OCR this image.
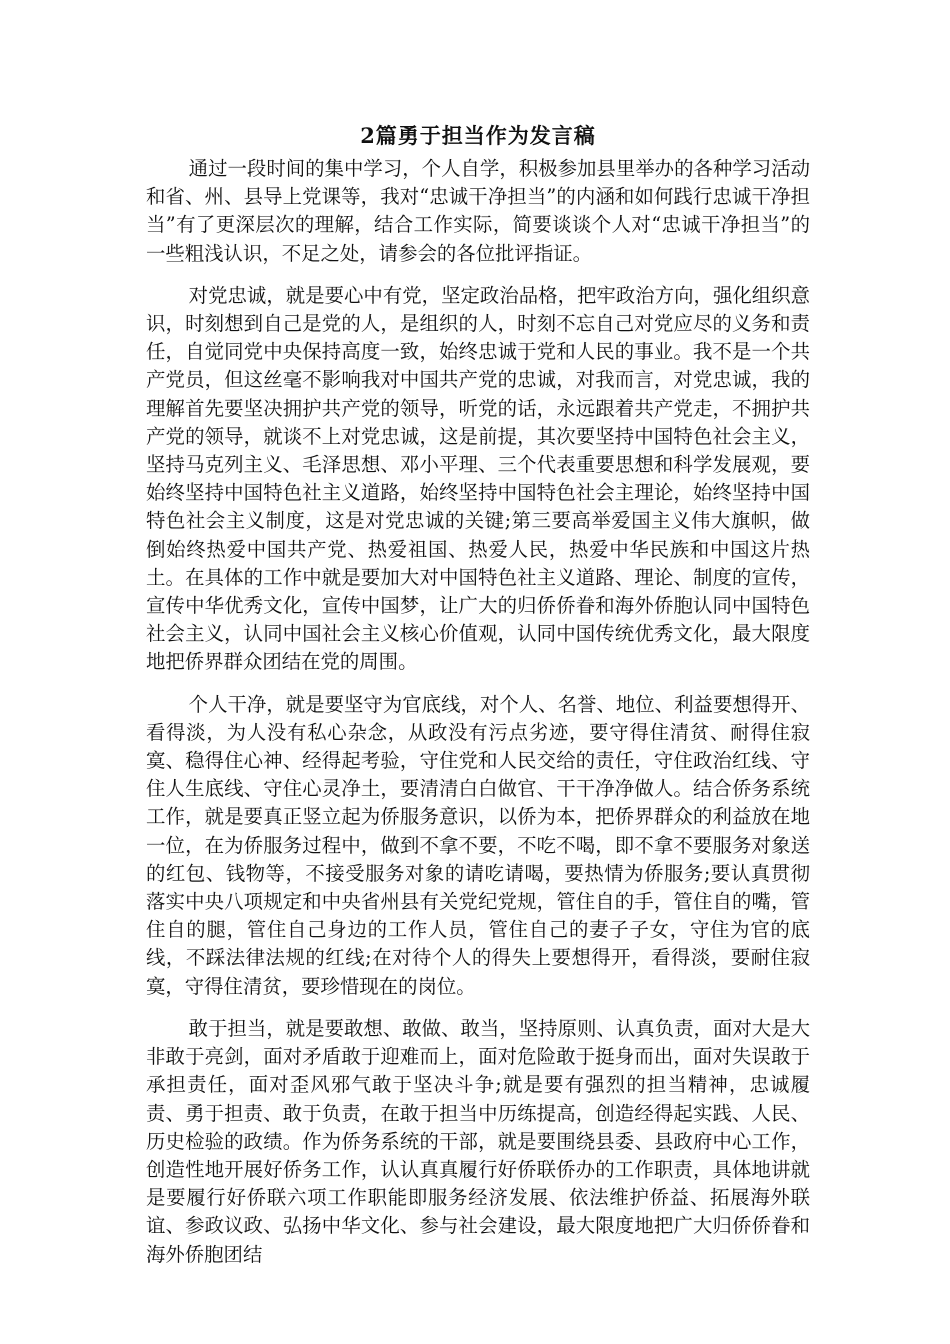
2篇勇于担当作为发言稿

通过一段时间的集中学习，个人自学，积极参加县里举办的各种学习活动和省、州、县导上党课等，我对“忠诚干净担当”的内涵和如何践行忠诚干净担当”有了更深层次的理解，结合工作实际，简要谈谈个人对“忠诚干净担当”的一些粗浅认识，不足之处，请参会的各位批评指证。

对党忠诚，就是要心中有党，坚定政治品格，把牢政治方向，强化组织意识，时刻想到自己是党的人，是组织的人，时刻不忘自己对党应尽的义务和责任，自觉同党中央保持高度一致，始终忠诚于党和人民的事业。我不是一个共产党员，但这丝毫不影响我对中国共产党的忠诚，对我而言，对党忠诚，我的理解首先要坚决拥护共产党的领导，听党的话，永远跟着共产党走，不拥护共产党的领导，就谈不上对党忠诚，这是前提，其次要坚持中国特色社会主义，坚持马克列主义、毛泽思想、邓小平理、三个代表重要思想和科学发展观，要始终坚持中国特色社主义道路，始终坚持中国特色社会主理论，始终坚持中国特色社会主义制度，这是对党忠诚的关键;第三要高举爱国主义伟大旗帜，做倒始终热爱中国共产党、热爱祖国、热爱人民，热爱中华民族和中国这片热土。在具体的工作中就是要加大对中国特色社主义道路、理论、制度的宣传，宣传中华优秀文化，宣传中国梦，让广大的归侨侨眷和海外侨胞认同中国特色社会主义，认同中国社会主义核心价值观，认同中国传统优秀文化，最大限度地把侨界群众团结在党的周围。

个人干净，就是要坚守为官底线，对个人、名誉、地位、利益要想得开、看得淡，为人没有私心杂念，从政没有污点劣迹，要守得住清贫、耐得住寂寞、稳得住心神、经得起考验，守住党和人民交给的责任，守住政治红线、守住人生底线、守住心灵净土，要清清白白做官、干干净净做人。结合侨务系统工作，就是要真正竖立起为侨服务意识，以侨为本，把侨界群众的利益放在地一位，在为侨服务过程中，做到不拿不要，不吃不喝，即不拿不要服务对象送的红包、钱物等，不接受服务对象的请吃请喝，要热情为侨服务;要认真贯彻落实中央八项规定和中央省州县有关党纪党规，管住自的手，管住自的嘴，管住自的腿，管住自己身边的工作人员，管住自己的妻子子女，守住为官的底线，不踩法律法规的红线;在对待个人的得失上要想得开，看得淡，要耐住寂寞，守得住清贫，要珍惜现在的岗位。

敢于担当，就是要敢想、敢做、敢当，坚持原则、认真负责，面对大是大非敢于亮剑，面对矛盾敢于迎难而上，面对危险敢于挺身而出，面对失误敢于承担责任，面对歪风邪气敢于坚决斗争;就是要有强烈的担当精神，忠诚履责、勇于担责、敢于负责，在敢于担当中历练提高，创造经得起实践、人民、历史检验的政绩。作为侨务系统的干部，就是要围绕县委、县政府中心工作，创造性地开展好侨务工作，认认真真履行好侨联侨办的工作职责，具体地讲就是要履行好侨联六项工作职能即服务经济发展、依法维护侨益、拓展海外联谊、参政议政、弘扬中华文化、参与社会建设，最大限度地把广大归侨侨眷和海外侨胞团结
